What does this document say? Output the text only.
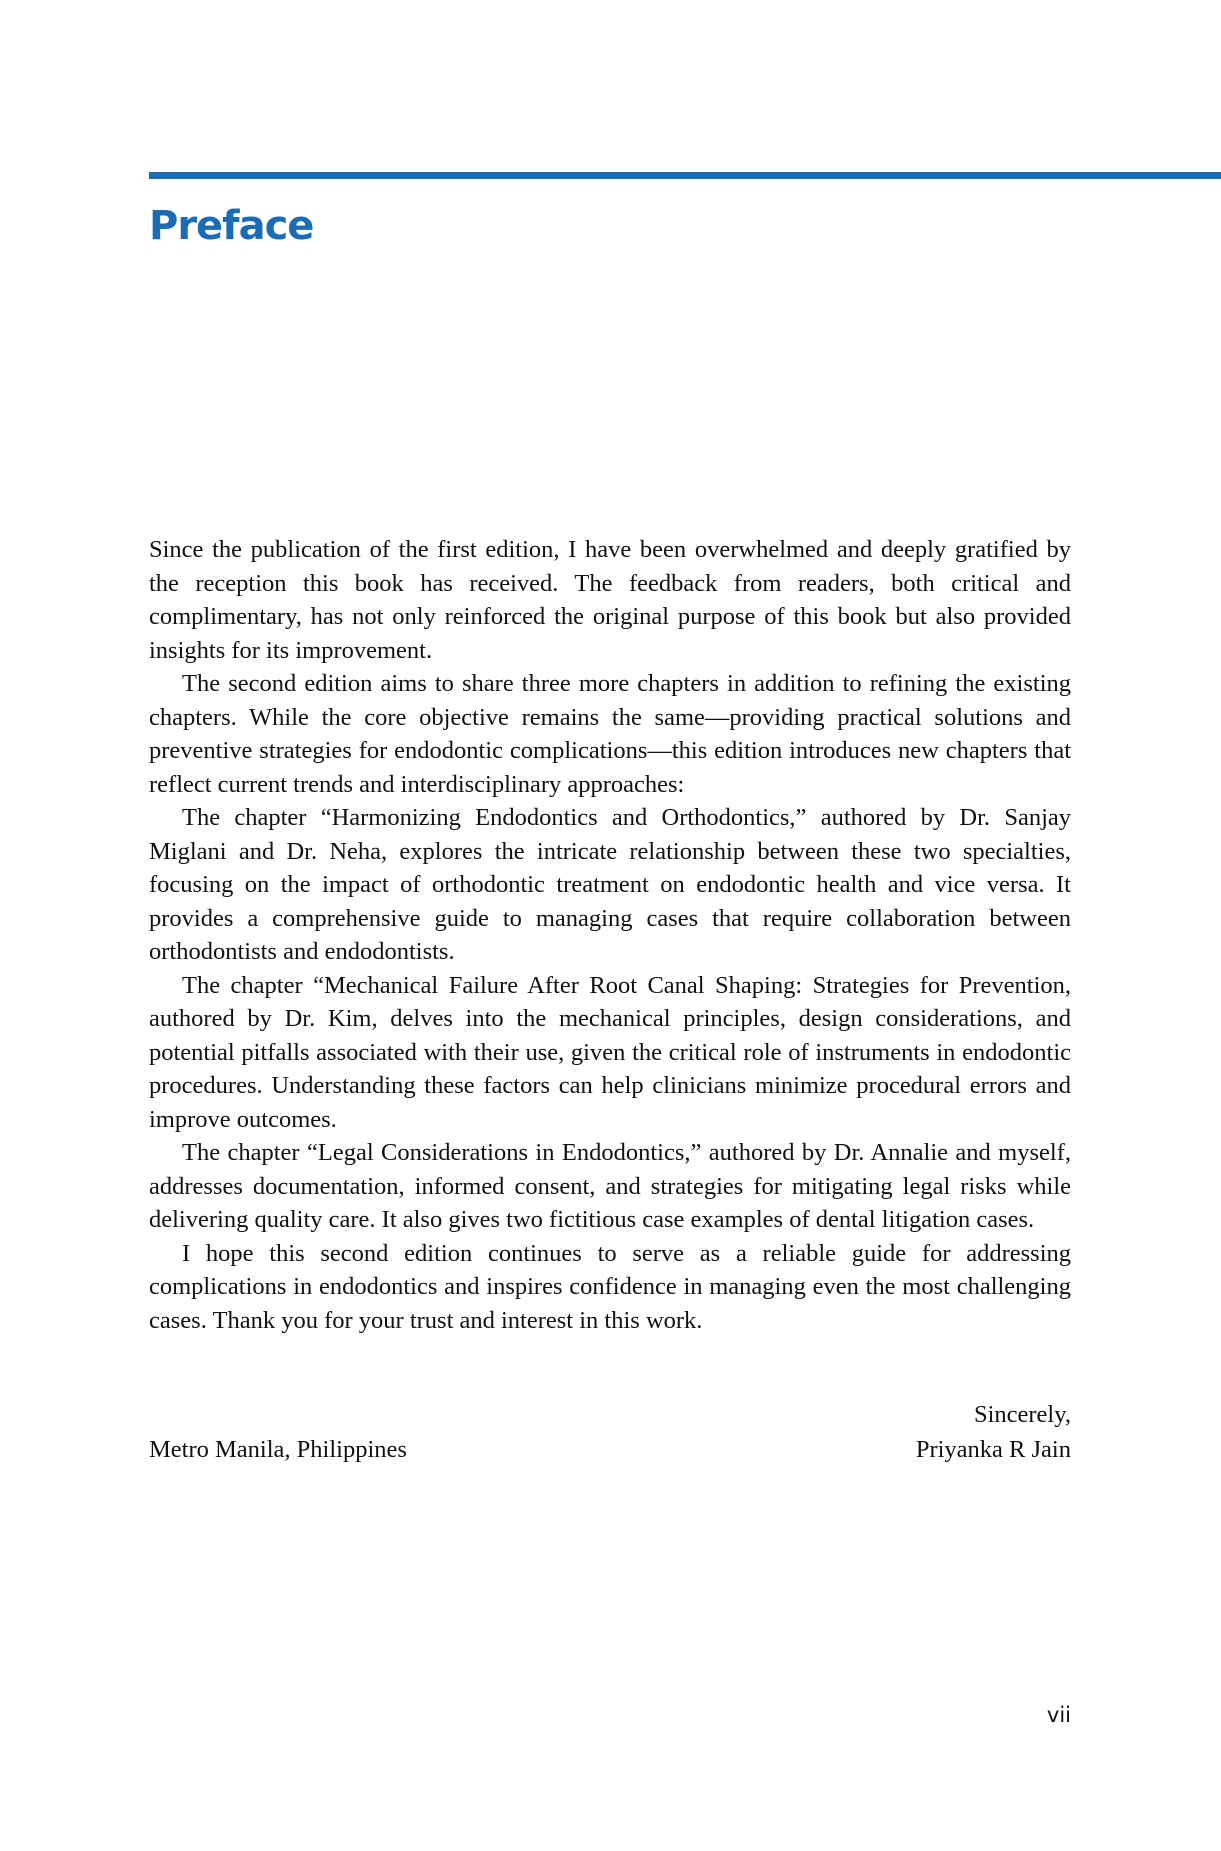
Preface

Since the publication of the first edition, I have been overwhelmed and deeply gratified by the reception this book has received. The feedback from readers, both critical and complimentary, has not only reinforced the original purpose of this book but also provided insights for its improvement.

The second edition aims to share three more chapters in addition to refining the existing chapters. While the core objective remains the same—providing practical solutions and preventive strategies for endodontic complications—this edition introduces new chapters that reflect current trends and interdisciplinary approaches:

The chapter “Harmonizing Endodontics and Orthodontics,” authored by Dr. Sanjay Miglani and Dr. Neha, explores the intricate relationship between these two specialties, focusing on the impact of orthodontic treatment on endodontic health and vice versa. It provides a comprehensive guide to managing cases that require collaboration between orthodontists and endodontists.

The chapter “Mechanical Failure After Root Canal Shaping: Strategies for Prevention, authored by Dr. Kim, delves into the mechanical principles, design considerations, and potential pitfalls associated with their use, given the critical role of instruments in endodontic procedures. Understanding these factors can help clinicians minimize procedural errors and improve outcomes.

The chapter “Legal Considerations in Endodontics,” authored by Dr. Annalie and myself, addresses documentation, informed consent, and strategies for mitigating legal risks while delivering quality care. It also gives two fictitious case examples of dental litigation cases.

I hope this second edition continues to serve as a reliable guide for addressing complications in endodontics and inspires confidence in managing even the most challenging cases. Thank you for your trust and interest in this work.

Sincerely,
Metro Manila, Philippines	Priyanka R Jain
vii
